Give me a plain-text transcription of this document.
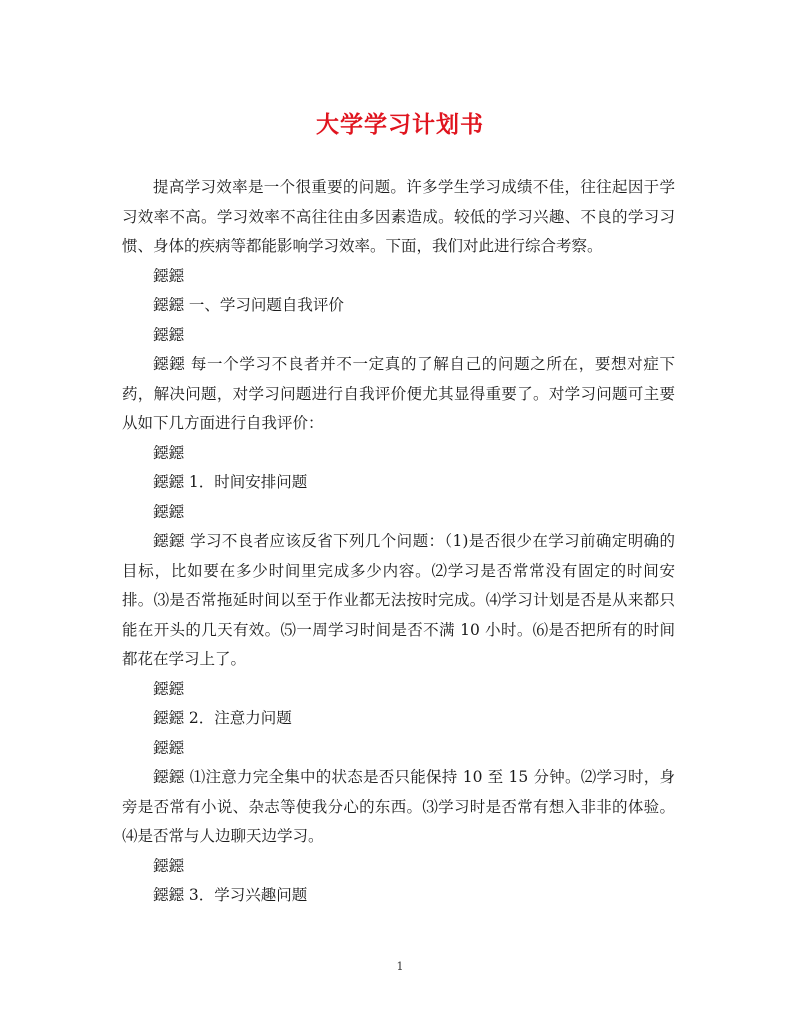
大学学习计划书

提高学习效率是一个很重要的问题。许多学生学习成绩不佳，往往起因于学习效率不高。学习效率不高往往由多因素造成。较低的学习兴趣、不良的学习习惯、身体的疾病等都能影响学习效率。下面，我们对此进行综合考察。

鐚鐚

鐚鐚 一、学习问题自我评价

鐚鐚

鐚鐚 每一个学习不良者并不一定真的了解自己的问题之所在，要想对症下药，解决问题，对学习问题进行自我评价便尤其显得重要了。对学习问题可主要从如下几方面进行自我评价：

鐚鐚

鐚鐚 1．时间安排问题

鐚鐚

鐚鐚 学习不良者应该反省下列几个问题：（1)是否很少在学习前确定明确的目标，比如要在多少时间里完成多少内容。⑵学习是否常常没有固定的时间安排。⑶是否常拖延时间以至于作业都无法按时完成。⑷学习计划是否是从来都只能在开头的几天有效。⑸一周学习时间是否不满 10 小时。⑹是否把所有的时间都花在学习上了。

鐚鐚

鐚鐚 2．注意力问题

鐚鐚

鐚鐚 ⑴注意力完全集中的状态是否只能保持 10 至 15 分钟。⑵学习时，身旁是否常有小说、杂志等使我分心的东西。⑶学习时是否常有想入非非的体验。⑷是否常与人边聊天边学习。

鐚鐚

鐚鐚 3．学习兴趣问题

1
